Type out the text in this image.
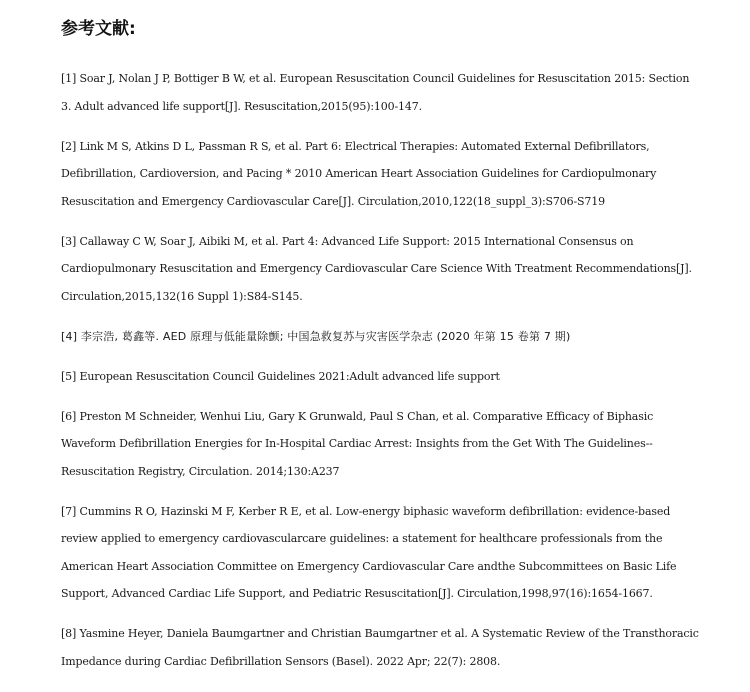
参考文献:
[1] Soar J, Nolan J P, Bottiger B W, et al. European Resuscitation Council Guidelines for Resuscitation 2015: Section 3. Adult advanced life support[J]. Resuscitation,2015(95):100-147.
[2] Link M S, Atkins D L, Passman R S, et al. Part 6: Electrical Therapies: Automated External Defibrillators, Defibrillation, Cardioversion, and Pacing * 2010 American Heart Association Guidelines for Cardiopulmonary Resuscitation and Emergency Cardiovascular Care[J]. Circulation,2010,122(18_suppl_3):S706-S719
[3] Callaway C W, Soar J, Aibiki M, et al. Part 4: Advanced Life Support: 2015 International Consensus on Cardiopulmonary Resuscitation and Emergency Cardiovascular Care Science With Treatment Recommendations[J]. Circulation,2015,132(16 Suppl 1):S84-S145.
[4] 李宗浩, 葛鑫等. AED 原理与低能量除颤; 中国急救复苏与灾害医学杂志 (2020 年第 15 卷第 7 期)
[5] European Resuscitation Council Guidelines 2021:Adult advanced life support
[6] Preston M Schneider, Wenhui Liu, Gary K Grunwald, Paul S Chan, et al. Comparative Efficacy of Biphasic Waveform Defibrillation Energies for In-Hospital Cardiac Arrest: Insights from the Get With The Guidelines--Resuscitation Registry, Circulation. 2014;130:A237
[7] Cummins R O, Hazinski M F, Kerber R E, et al. Low-energy biphasic waveform defibrillation: evidence-based review applied to emergency cardiovascularcare guidelines: a statement for healthcare professionals from the American Heart Association Committee on Emergency Cardiovascular Care andthe Subcommittees on Basic Life Support, Advanced Cardiac Life Support, and Pediatric Resuscitation[J]. Circulation,1998,97(16):1654-1667.
[8] Yasmine Heyer, Daniela Baumgartner and Christian Baumgartner et al. A Systematic Review of the Transthoracic Impedance during Cardiac Defibrillation Sensors (Basel). 2022 Apr; 22(7): 2808.
